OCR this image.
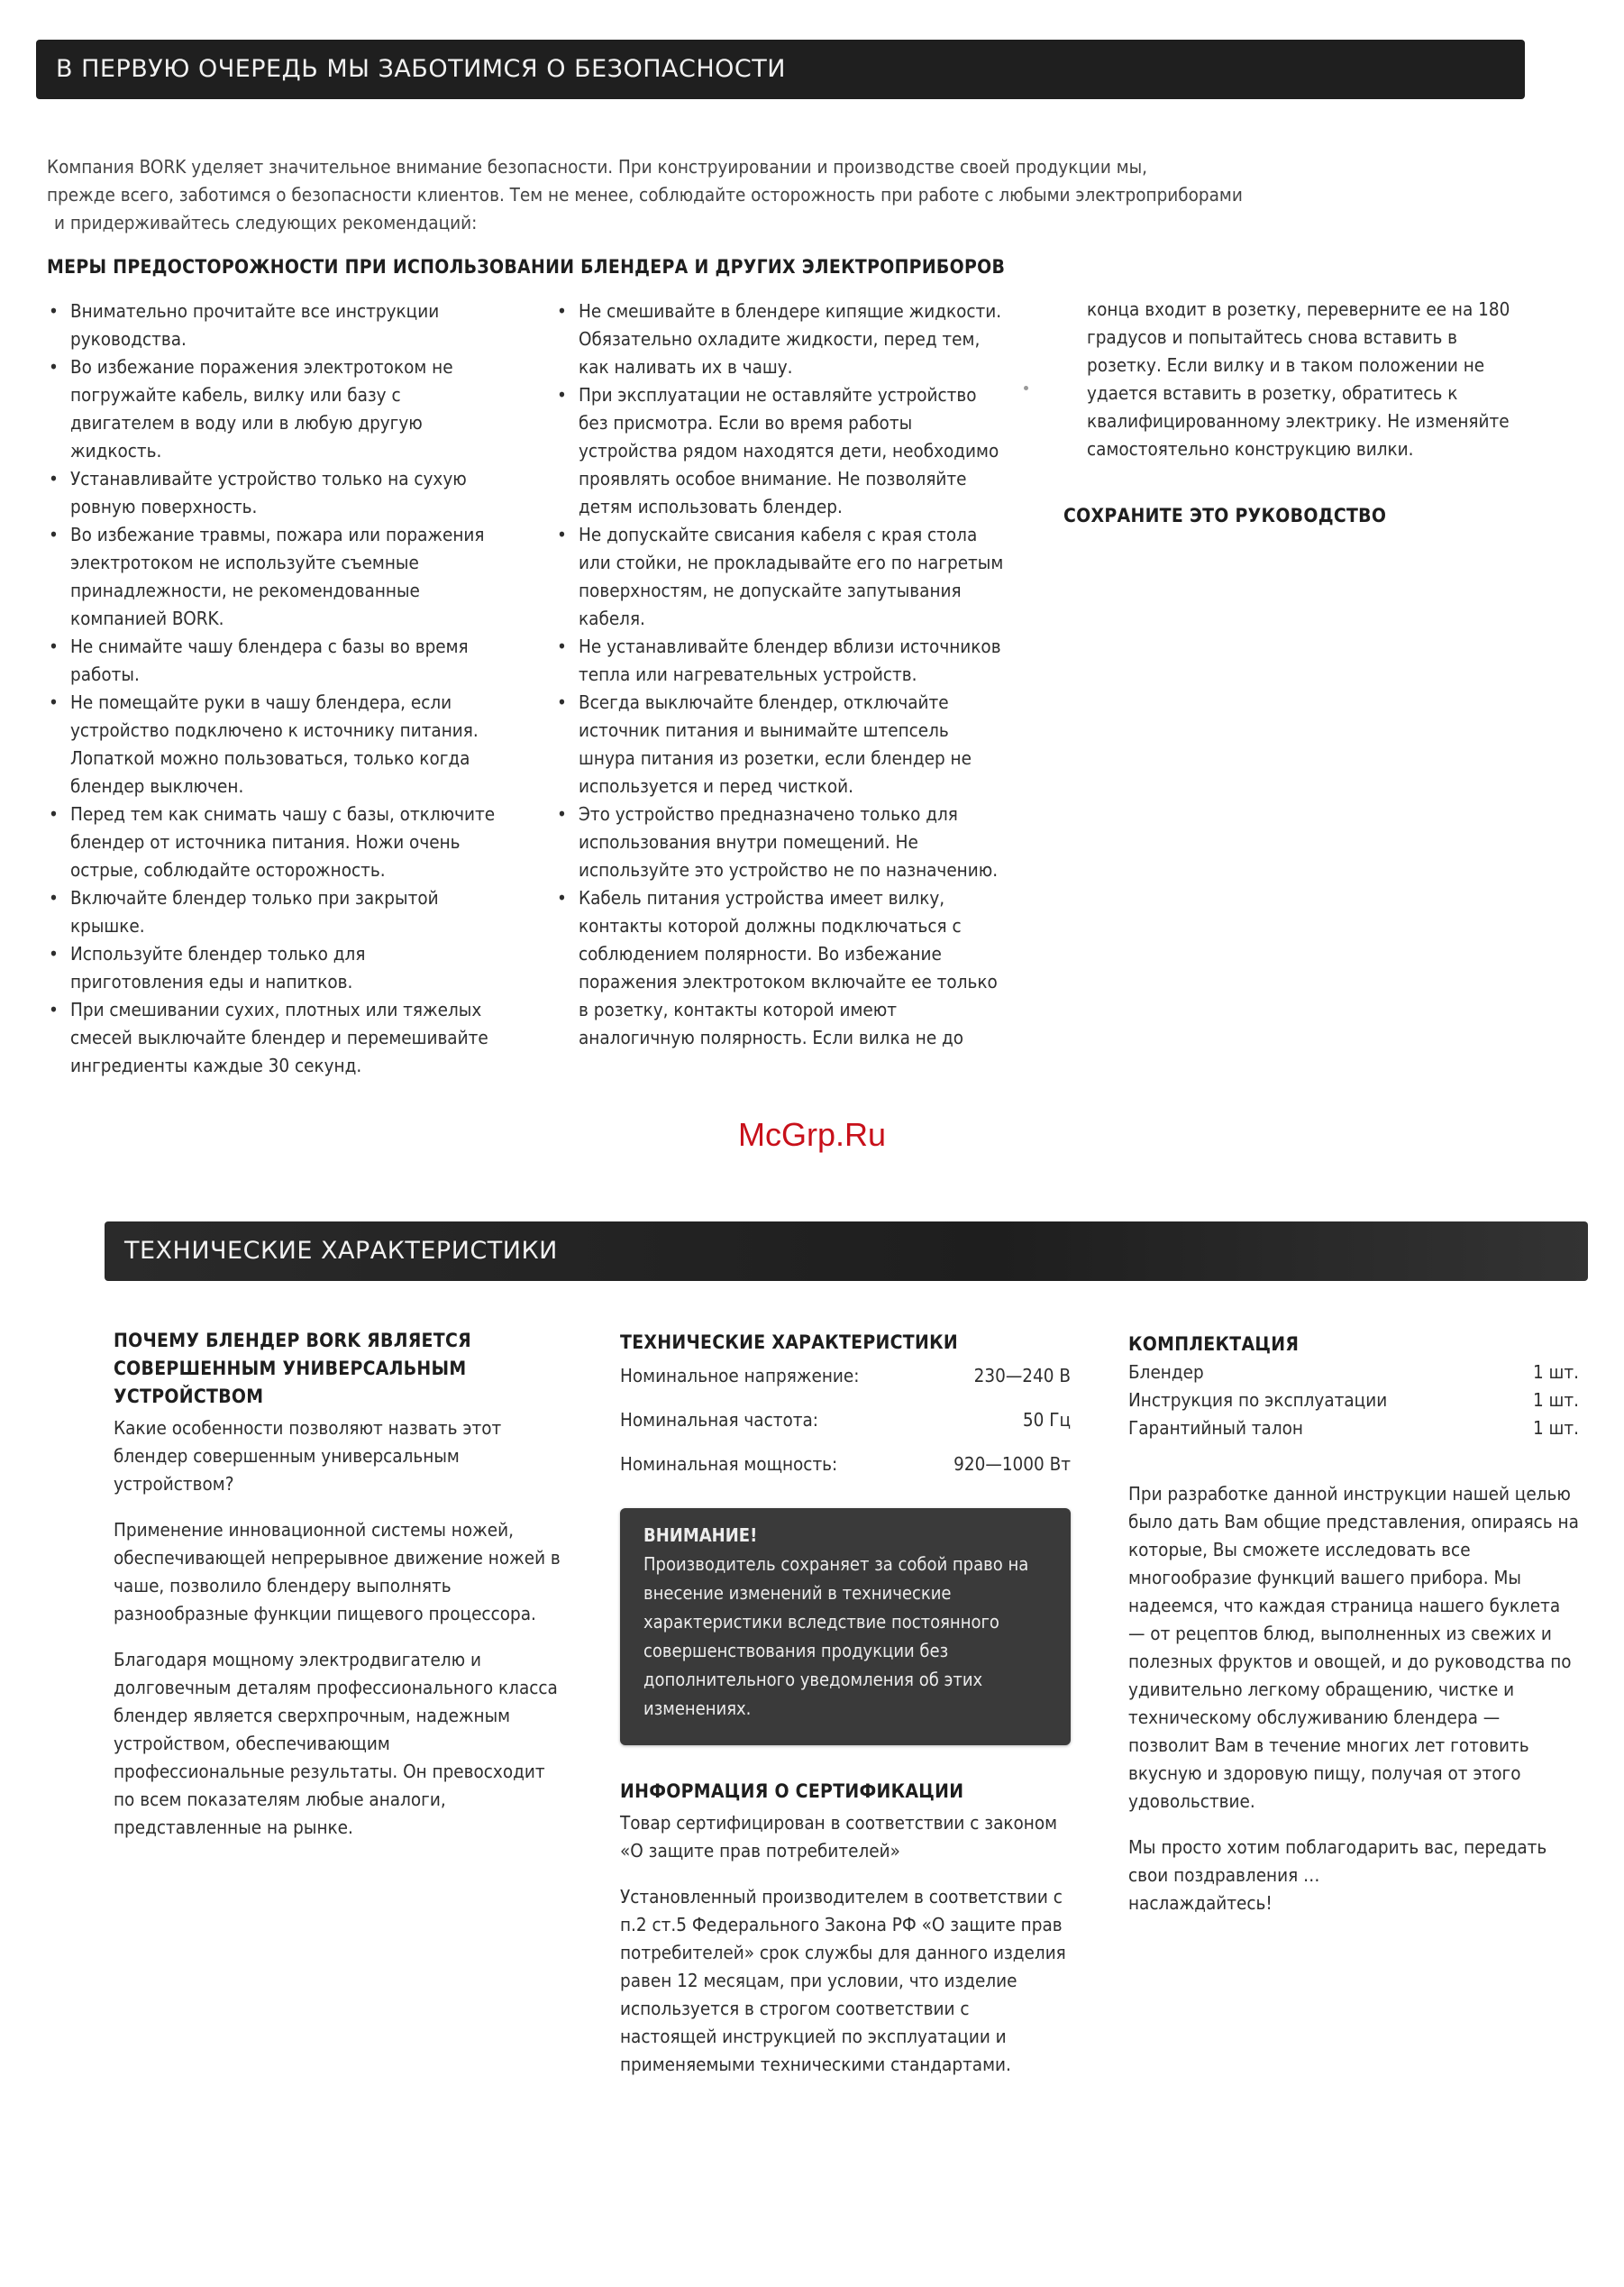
В ПЕРВУЮ ОЧЕРЕДЬ МЫ ЗАБОТИМСЯ О БЕЗОПАСНОСТИ

Компания BORK уделяет значительное внимание безопасности. При конструировании и производстве своей продукции мы,

прежде всего, заботимся о безопасности клиентов. Тем не менее, соблюдайте осторожность при работе с любыми электроприборами

и придерживайтесь следующих рекомендаций:

МЕРЫ ПРЕДОСТОРОЖНОСТИ ПРИ ИСПОЛЬЗОВАНИИ БЛЕНДЕРА И ДРУГИХ ЭЛЕКТРОПРИБОРОВ
• Внимательно прочитайте все инструкции руководства.
• Во избежание поражения электротоком не погружайте кабель, вилку или базу с двигателем в воду или в любую другую жидкость.
• Устанавливайте устройство только на сухую ровную поверхность.
• Во избежание травмы, пожара или поражения электротоком не используйте съемные принадлежности, не рекомендованные компанией BORK.
• Не снимайте чашу блендера с базы во время работы.
• Не помещайте руки в чашу блендера, если устройство подключено к источнику питания. Лопаткой можно пользоваться, только когда блендер выключен.
• Перед тем как снимать чашу с базы, отключите блендер от источника питания. Ножи очень острые, соблюдайте осторожность.
• Включайте блендер только при закрытой крышке.
• Используйте блендер только для приготовления еды и напитков.
• При смешивании сухих, плотных или тяжелых смесей выключайте блендер и перемешивайте ингредиенты каждые 30 секунд.
• Не смешивайте в блендере кипящие жидкости. Обязательно охладите жидкости, перед тем, как наливать их в чашу.
• При эксплуатации не оставляйте устройство без присмотра. Если во время работы устройства рядом находятся дети, необходимо проявлять особое внимание. Не позволяйте детям использовать блендер.
• Не допускайте свисания кабеля с края стола или стойки, не прокладывайте его по нагретым поверхностям, не допускайте запутывания кабеля.
• Не устанавливайте блендер вблизи источников тепла или нагревательных устройств.
• Всегда выключайте блендер, отключайте источник питания и вынимайте штепсель шнура питания из розетки, если блендер не используется и перед чисткой.
• Это устройство предназначено только для использования внутри помещений. Не используйте это устройство не по назначению.
• Кабель питания устройства имеет вилку, контакты которой должны подключаться с соблюдением полярности. Во избежание поражения электротоком включайте ее только в розетку, контакты которой имеют аналогичную полярность. Если вилка не до
конца входит в розетку, переверните ее на 180 градусов и попытайтесь снова вставить в розетку. Если вилку и в таком положении не удается вставить в розетку, обратитесь к квалифицированному электрику. Не изменяйте самостоятельно конструкцию вилки.
СОХРАНИТЕ ЭТО РУКОВОДСТВО
McGrp.Ru
ТЕХНИЧЕСКИЕ ХАРАКТЕРИСТИКИ
ПОЧЕМУ БЛЕНДЕР BORK ЯВЛЯЕТСЯ СОВЕРШЕННЫМ УНИВЕРСАЛЬНЫМ УСТРОЙСТВОМ

Какие особенности позволяют назвать этот блендер совершенным универсальным устройством?

Применение инновационной системы ножей, обеспечивающей непрерывное движение ножей в чаше, позволило блендеру выполнять разнообразные функции пищевого процессора.

Благодаря мощному электродвигателю и долговечным деталям профессионального класса блендер является сверхпрочным, надежным устройством, обеспечивающим профессиональные результаты. Он превосходит по всем показателям любые аналоги, представленные на рынке.

ТЕХНИЧЕСКИЕ ХАРАКТЕРИСТИКИ
Номинальное напряжение:	230—240 В
Номинальная частота:	50 Гц
Номинальная мощность:	920—1000 Вт
ВНИМАНИЕ!
Производитель сохраняет за собой право на внесение изменений в технические характеристики вследствие постоянного совершенствования продукции без дополнительного уведомления об этих изменениях.
ИНФОРМАЦИЯ О СЕРТИФИКАЦИИ

Товар сертифицирован в соответствии с законом «О защите прав потребителей»

Установленный производителем в соответствии с п.2 ст.5 Федерального Закона РФ «О защите прав потребителей» срок службы для данного изделия равен 12 месяцам, при условии, что изделие используется в строгом соответствии с настоящей инструкцией по эксплуатации и применяемыми техническими стандартами.

КОМПЛЕКТАЦИЯ
Блендер	1 шт.
Инструкция по эксплуатации	1 шт.
Гарантийный талон	1 шт.

При разработке данной инструкции нашей целью было дать Вам общие представления, опираясь на которые, Вы сможете исследовать все многообразие функций вашего прибора. Мы надеемся, что каждая страница нашего буклета — от рецептов блюд, выполненных из свежих и полезных фруктов и овощей, и до руководства по удивительно легкому обращению, чистке и техническому обслуживанию блендера — позволит Вам в течение многих лет готовить вкусную и здоровую пищу, получая от этого удовольствие.

Мы просто хотим поблагодарить вас, передать свои поздравления …

наслаждайтесь!
